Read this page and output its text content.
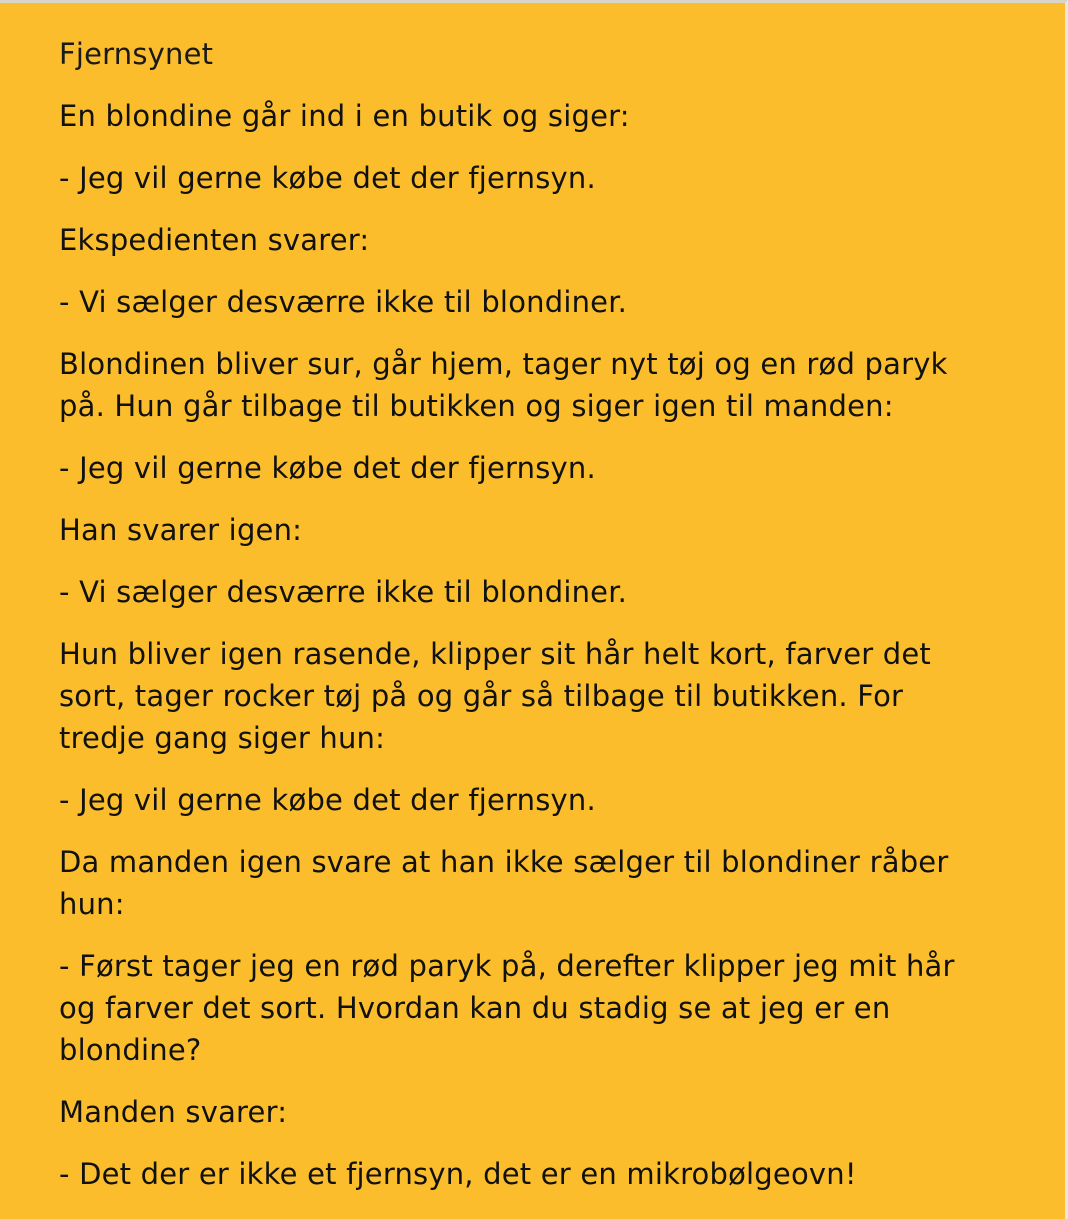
Fjernsynet

En blondine går ind i en butik og siger:

- Jeg vil gerne købe det der fjernsyn.

Ekspedienten svarer:

- Vi sælger desværre ikke til blondiner.

Blondinen bliver sur, går hjem, tager nyt tøj og en rød paryk
på. Hun går tilbage til butikken og siger igen til manden:

- Jeg vil gerne købe det der fjernsyn.

Han svarer igen:

- Vi sælger desværre ikke til blondiner.

Hun bliver igen rasende, klipper sit hår helt kort, farver det
sort, tager rocker tøj på og går så tilbage til butikken. For
tredje gang siger hun:

- Jeg vil gerne købe det der fjernsyn.

Da manden igen svare at han ikke sælger til blondiner råber
hun:

- Først tager jeg en rød paryk på, derefter klipper jeg mit hår
og farver det sort. Hvordan kan du stadig se at jeg er en
blondine?

Manden svarer:

- Det der er ikke et fjernsyn, det er en mikrobølgeovn!
